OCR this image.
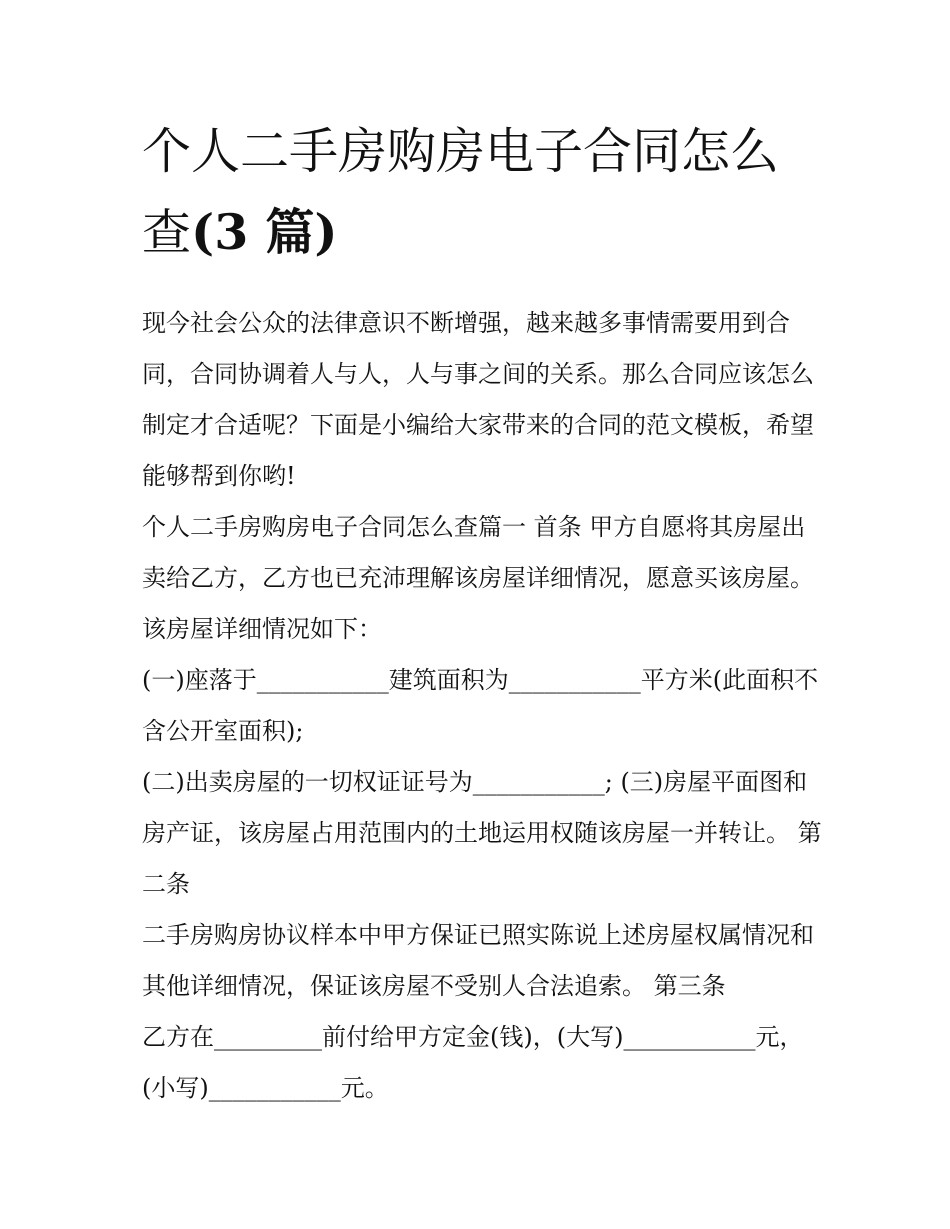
个人二手房购房电子合同怎么
查(3 篇)

现今社会公众的法律意识不断增强，越来越多事情需要用到合同，合同协调着人与人，人与事之间的关系。那么合同应该怎么制定才合适呢？下面是小编给大家带来的合同的范文模板，希望能够帮到你哟!

个人二手房购房电子合同怎么查篇一 首条 甲方自愿将其房屋出卖给乙方，乙方也已充沛理解该房屋详细情况，愿意买该房屋。该房屋详细情况如下：

(一)座落于___________建筑面积为___________平方米(此面积不含公开室面积);

(二)出卖房屋的一切权证证号为___________; (三)房屋平面图和房产证，该房屋占用范围内的土地运用权随该房屋一并转让。 第二条

二手房购房协议样本中甲方保证已照实陈说上述房屋权属情况和其他详细情况，保证该房屋不受别人合法追索。 第三条

乙方在_________前付给甲方定金(钱)，(大写)___________元，(小写)___________元。
